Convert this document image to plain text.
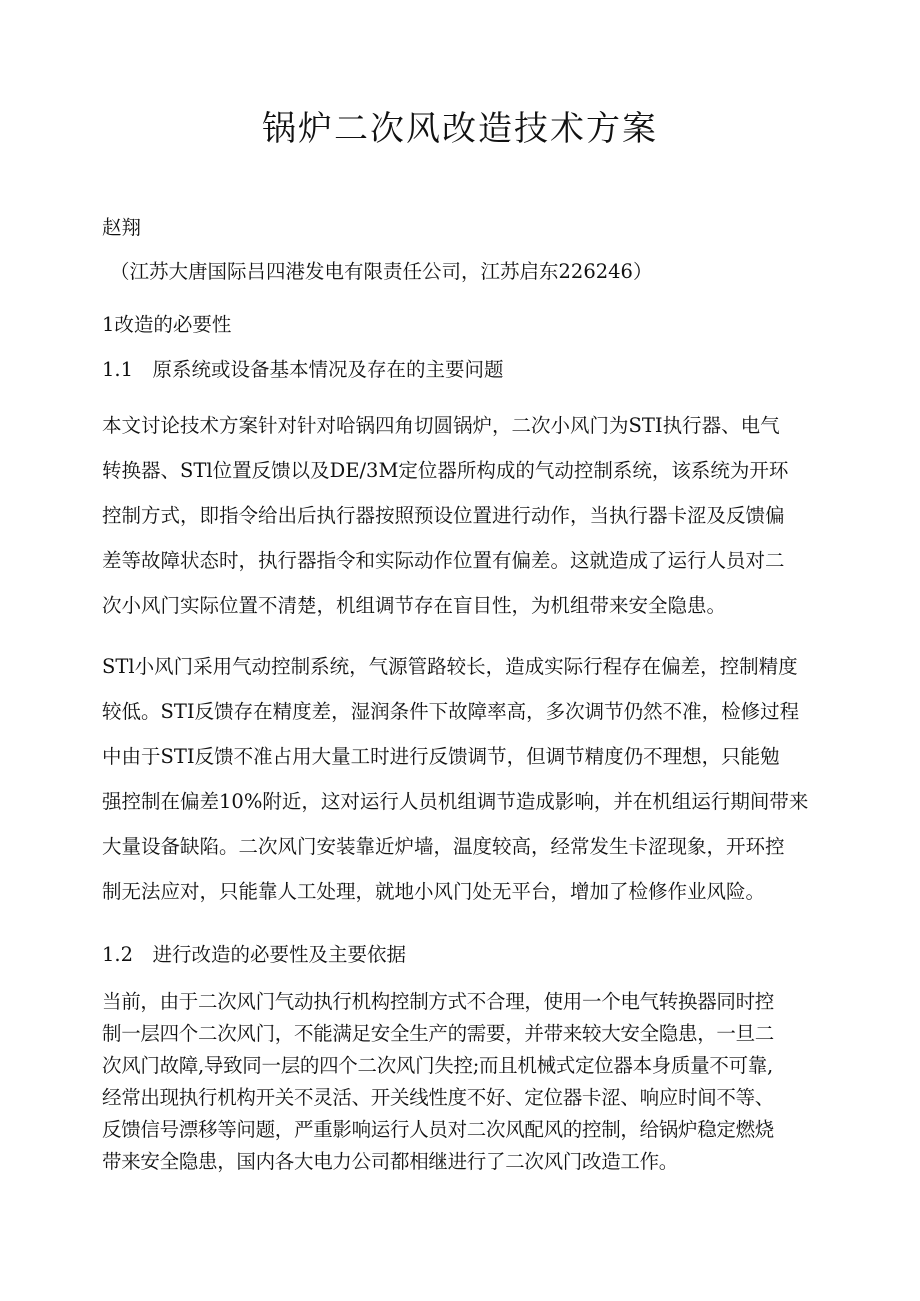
锅炉二次风改造技术方案

赵翔

（江苏大唐国际吕四港发电有限责任公司，江苏启东226246）

1改造的必要性

1.1　原系统或设备基本情况及存在的主要问题

本文讨论技术方案针对针对哈锅四角切圆锅炉，二次小风门为STI执行器、电气
转换器、STl位置反馈以及DE/3M定位器所构成的气动控制系统，该系统为开环
控制方式，即指令给出后执行器按照预设位置进行动作，当执行器卡涩及反馈偏
差等故障状态时，执行器指令和实际动作位置有偏差。这就造成了运行人员对二
次小风门实际位置不清楚，机组调节存在盲目性，为机组带来安全隐患。
STl小风门采用气动控制系统，气源管路较长，造成实际行程存在偏差，控制精度
较低。STI反馈存在精度差，湿润条件下故障率高，多次调节仍然不准，检修过程
中由于STI反馈不准占用大量工时进行反馈调节，但调节精度仍不理想，只能勉
强控制在偏差10%附近，这对运行人员机组调节造成影响，并在机组运行期间带来
大量设备缺陷。二次风门安装靠近炉墙，温度较高，经常发生卡涩现象，开环控
制无法应对，只能靠人工处理，就地小风门处无平台，增加了检修作业风险。

1.2　进行改造的必要性及主要依据

当前，由于二次风门气动执行机构控制方式不合理，使用一个电气转换器同时控
制一层四个二次风门，不能满足安全生产的需要，并带来较大安全隐患，一旦二
次风门故障,导致同一层的四个二次风门失控;而且机械式定位器本身质量不可靠,
经常出现执行机构开关不灵活、开关线性度不好、定位器卡涩、响应时间不等、
反馈信号漂移等问题，严重影响运行人员对二次风配风的控制，给锅炉稳定燃烧
带来安全隐患，国内各大电力公司都相继进行了二次风门改造工作。
